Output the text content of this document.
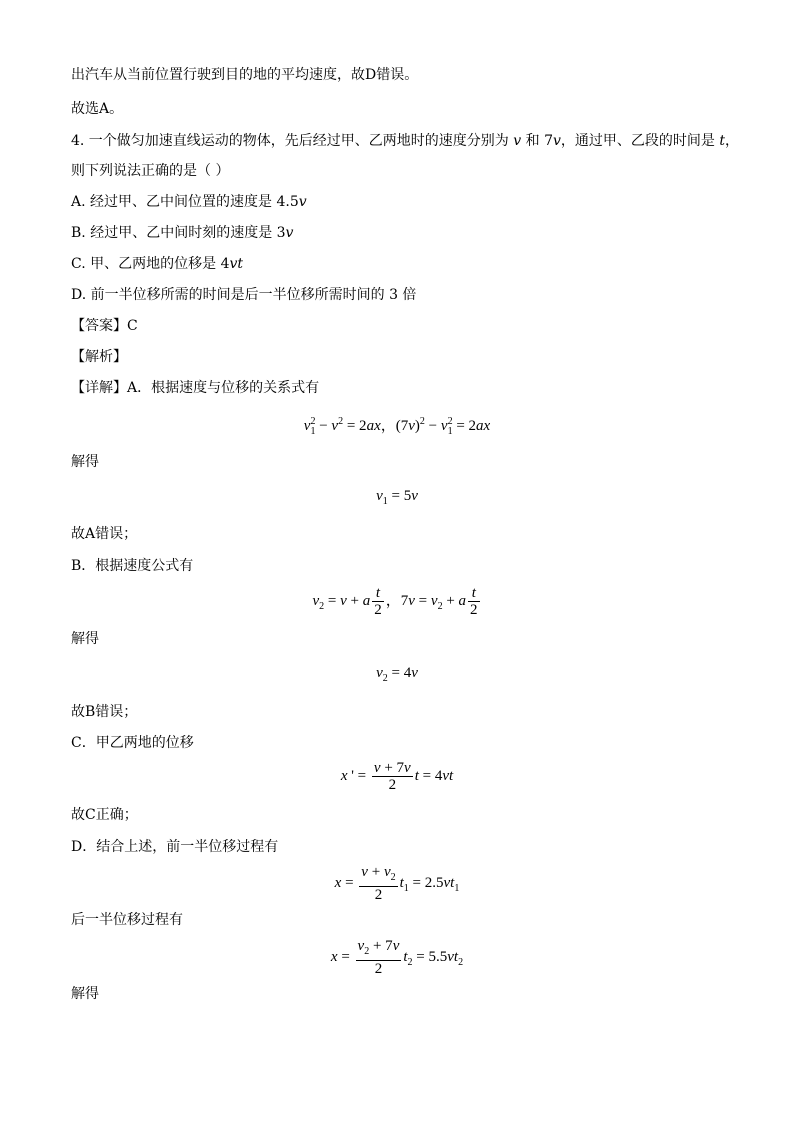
出汽车从当前位置行驶到目的地的平均速度，故D错误。
故选A。
4. 一个做匀加速直线运动的物体，先后经过甲、乙两地时的速度分别为 v 和 7v，通过甲、乙段的时间是 t，
则下列说法正确的是（ ）
A. 经过甲、乙中间位置的速度是 4.5v
B. 经过甲、乙中间时刻的速度是 3v
C. 甲、乙两地的位移是 4vt
D. 前一半位移所需的时间是后一半位移所需时间的 3 倍
【答案】C
【解析】
【详解】A．根据速度与位移的关系式有
$v_1^2 - v^2 = 2ax$，$(7v)^2 - v_1^2 = 2ax$
解得
$v_1 = 5v$
故A错误；
B．根据速度公式有
$v_2 = v + a \frac{t}{2}$ ，$7v = v_2 + a \frac{t}{2}$
解得
$v_2 = 4v$
故B错误；
C．甲乙两地的位移
x ' = $\frac{v + 7v}{2}$ t = 4vt
故C正确；
D．结合上述，前一半位移过程有
$x = \frac{v + v_2}{2} t_1 = 2.5vt_1$
后一半位移过程有
$x = \frac{v_2 + 7v}{2} t_2 = 5.5vt_2$
解得
